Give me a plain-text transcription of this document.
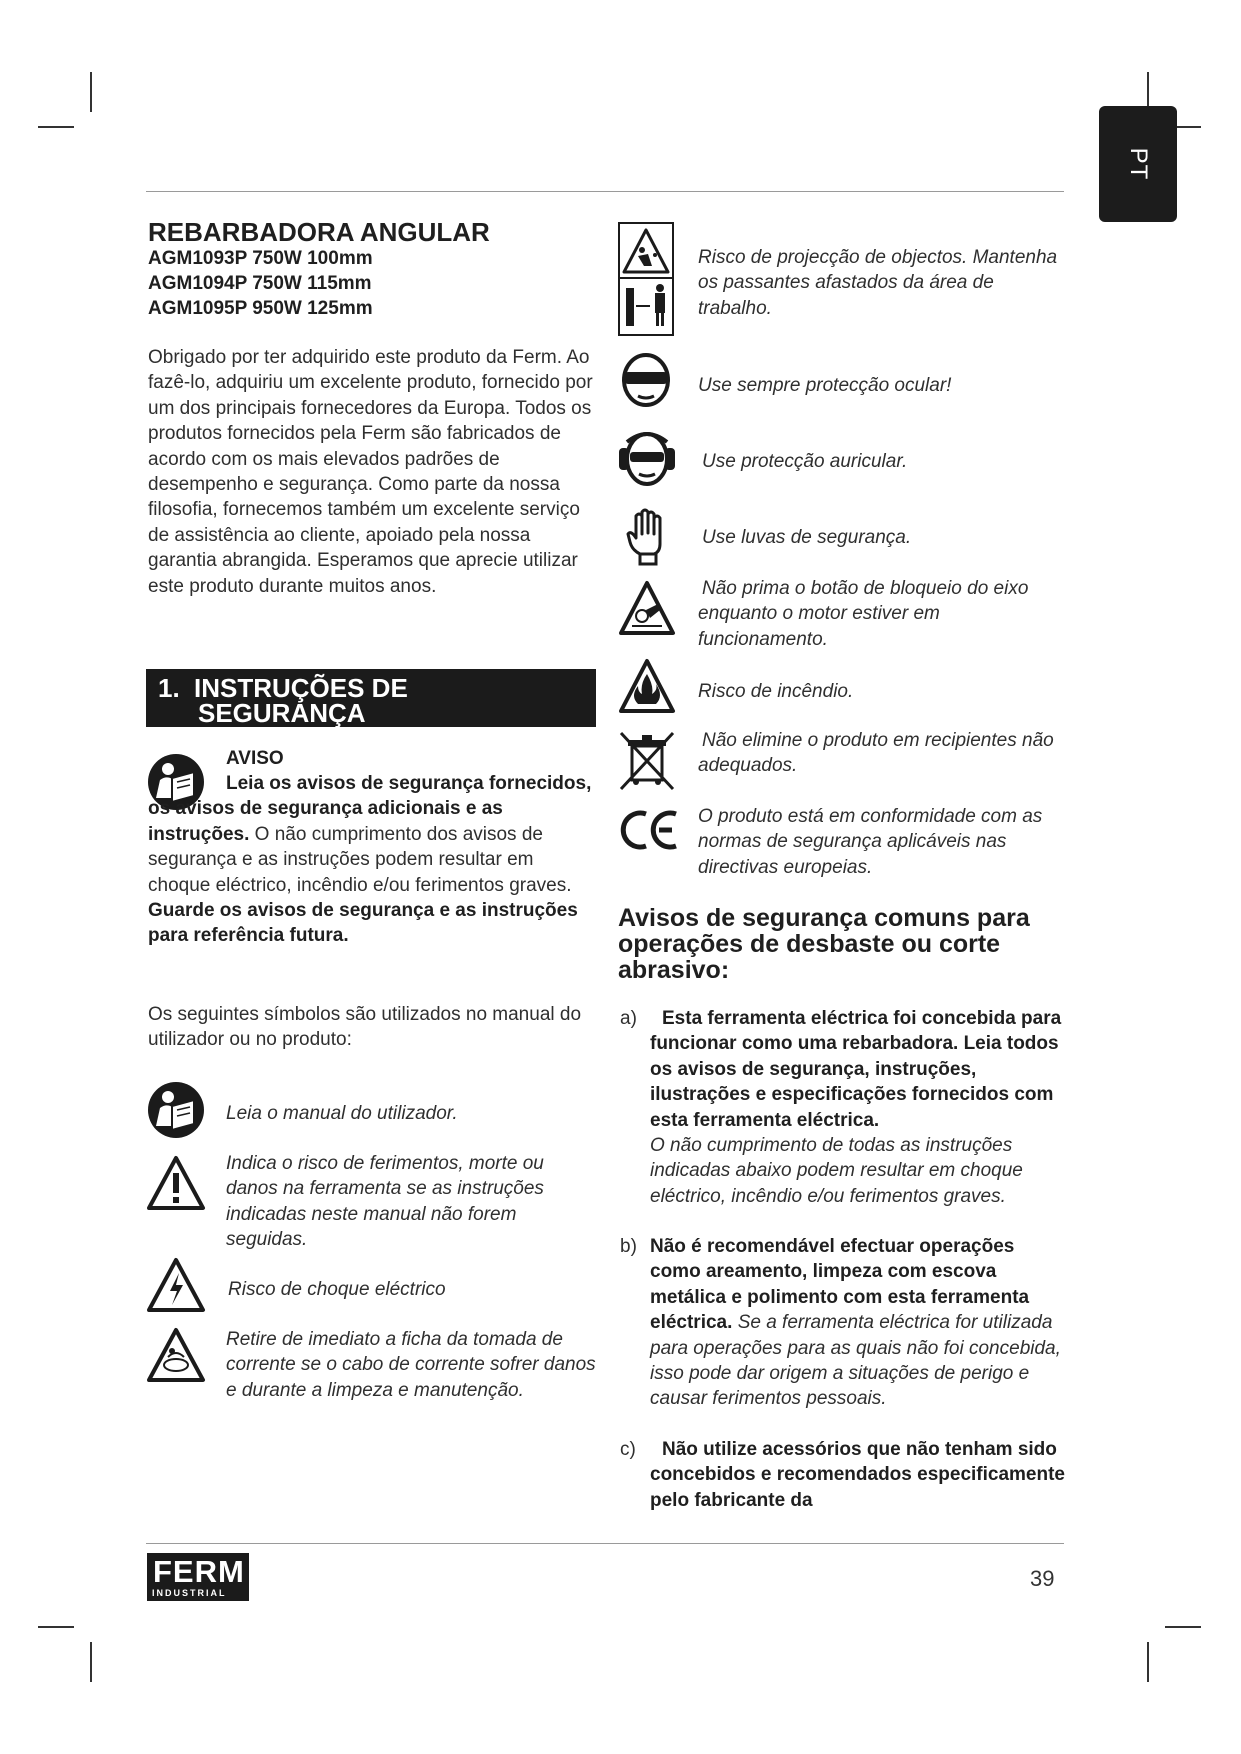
PT
REBARBADORA ANGULAR
AGM1093P 750W 100mm
AGM1094P 750W 115mm
AGM1095P 950W 125mm
Obrigado por ter adquirido este produto da Ferm. Ao fazê-lo, adquiriu um excelente produto, fornecido por um dos principais fornecedores da Europa. Todos os produtos fornecidos pela Ferm são fabricados de acordo com os mais elevados padrões de desempenho e segurança. Como parte da nossa filosofia, fornecemos também um excelente serviço de assistência ao cliente, apoiado pela nossa garantia abrangida. Esperamos que aprecie utilizar este produto durante muitos anos.
1. INSTRUÇÕES DE
SEGURANÇA
AVISO
Leia os avisos de segurança fornecidos, os avisos de segurança adicionais e as instruções. O não cumprimento dos avisos de segurança e as instruções podem resultar em choque eléctrico, incêndio e/ou ferimentos graves. Guarde os avisos de segurança e as instruções para referência futura.
Os seguintes símbolos são utilizados no manual do utilizador ou no produto:
Leia o manual do utilizador.
Indica o risco de ferimentos, morte ou danos na ferramenta se as instruções indicadas neste manual não forem seguidas.
Risco de choque eléctrico
Retire de imediato a ficha da tomada de corrente se o cabo de corrente sofrer danos e durante a limpeza e manutenção.
Risco de projecção de objectos. Mantenha os passantes afastados da área de trabalho.
Use sempre protecção ocular!
Use protecção auricular.
Use luvas de segurança.
Não prima o botão de bloqueio do eixo enquanto o motor estiver em funcionamento.
Risco de incêndio.
Não elimine o produto em recipientes não adequados.
O produto está em conformidade com as normas de segurança aplicáveis nas directivas europeias.
Avisos de segurança comuns para operações de desbaste ou corte abrasivo:
a)	Esta ferramenta eléctrica foi concebida para funcionar como uma rebarbadora. Leia todos os avisos de segurança, instruções, ilustrações e especificações fornecidos com esta ferramenta eléctrica.
O não cumprimento de todas as instruções indicadas abaixo podem resultar em choque eléctrico, incêndio e/ou ferimentos graves.
b) Não é recomendável efectuar operações como areamento, limpeza com escova metálica e polimento com esta ferramenta eléctrica. Se a ferramenta eléctrica for utilizada para operações para as quais não foi concebida, isso pode dar origem a situações de perigo e causar ferimentos pessoais.
c)	Não utilize acessórios que não tenham sido concebidos e recomendados especificamente pelo fabricante da
FERM
INDUSTRIAL
39
